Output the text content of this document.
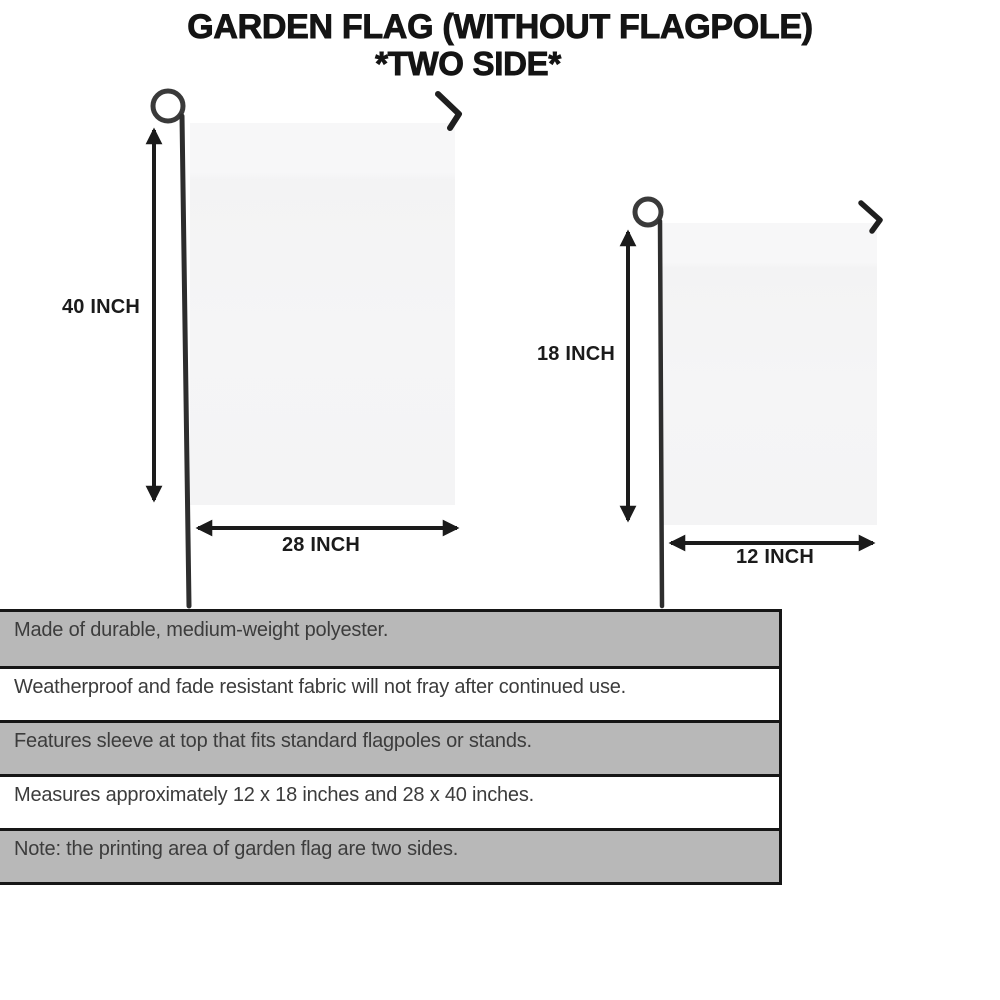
GARDEN FLAG (WITHOUT FLAGPOLE)
*TWO SIDE*
40 INCH
18 INCH
28 INCH
12 INCH
Made of durable, medium-weight polyester.
Weatherproof and fade resistant fabric will not fray after continued use.
Features sleeve at top that fits standard flagpoles or stands.
Measures approximately 12 x 18 inches and 28 x 40 inches.
Note: the printing area of garden flag are two sides.
